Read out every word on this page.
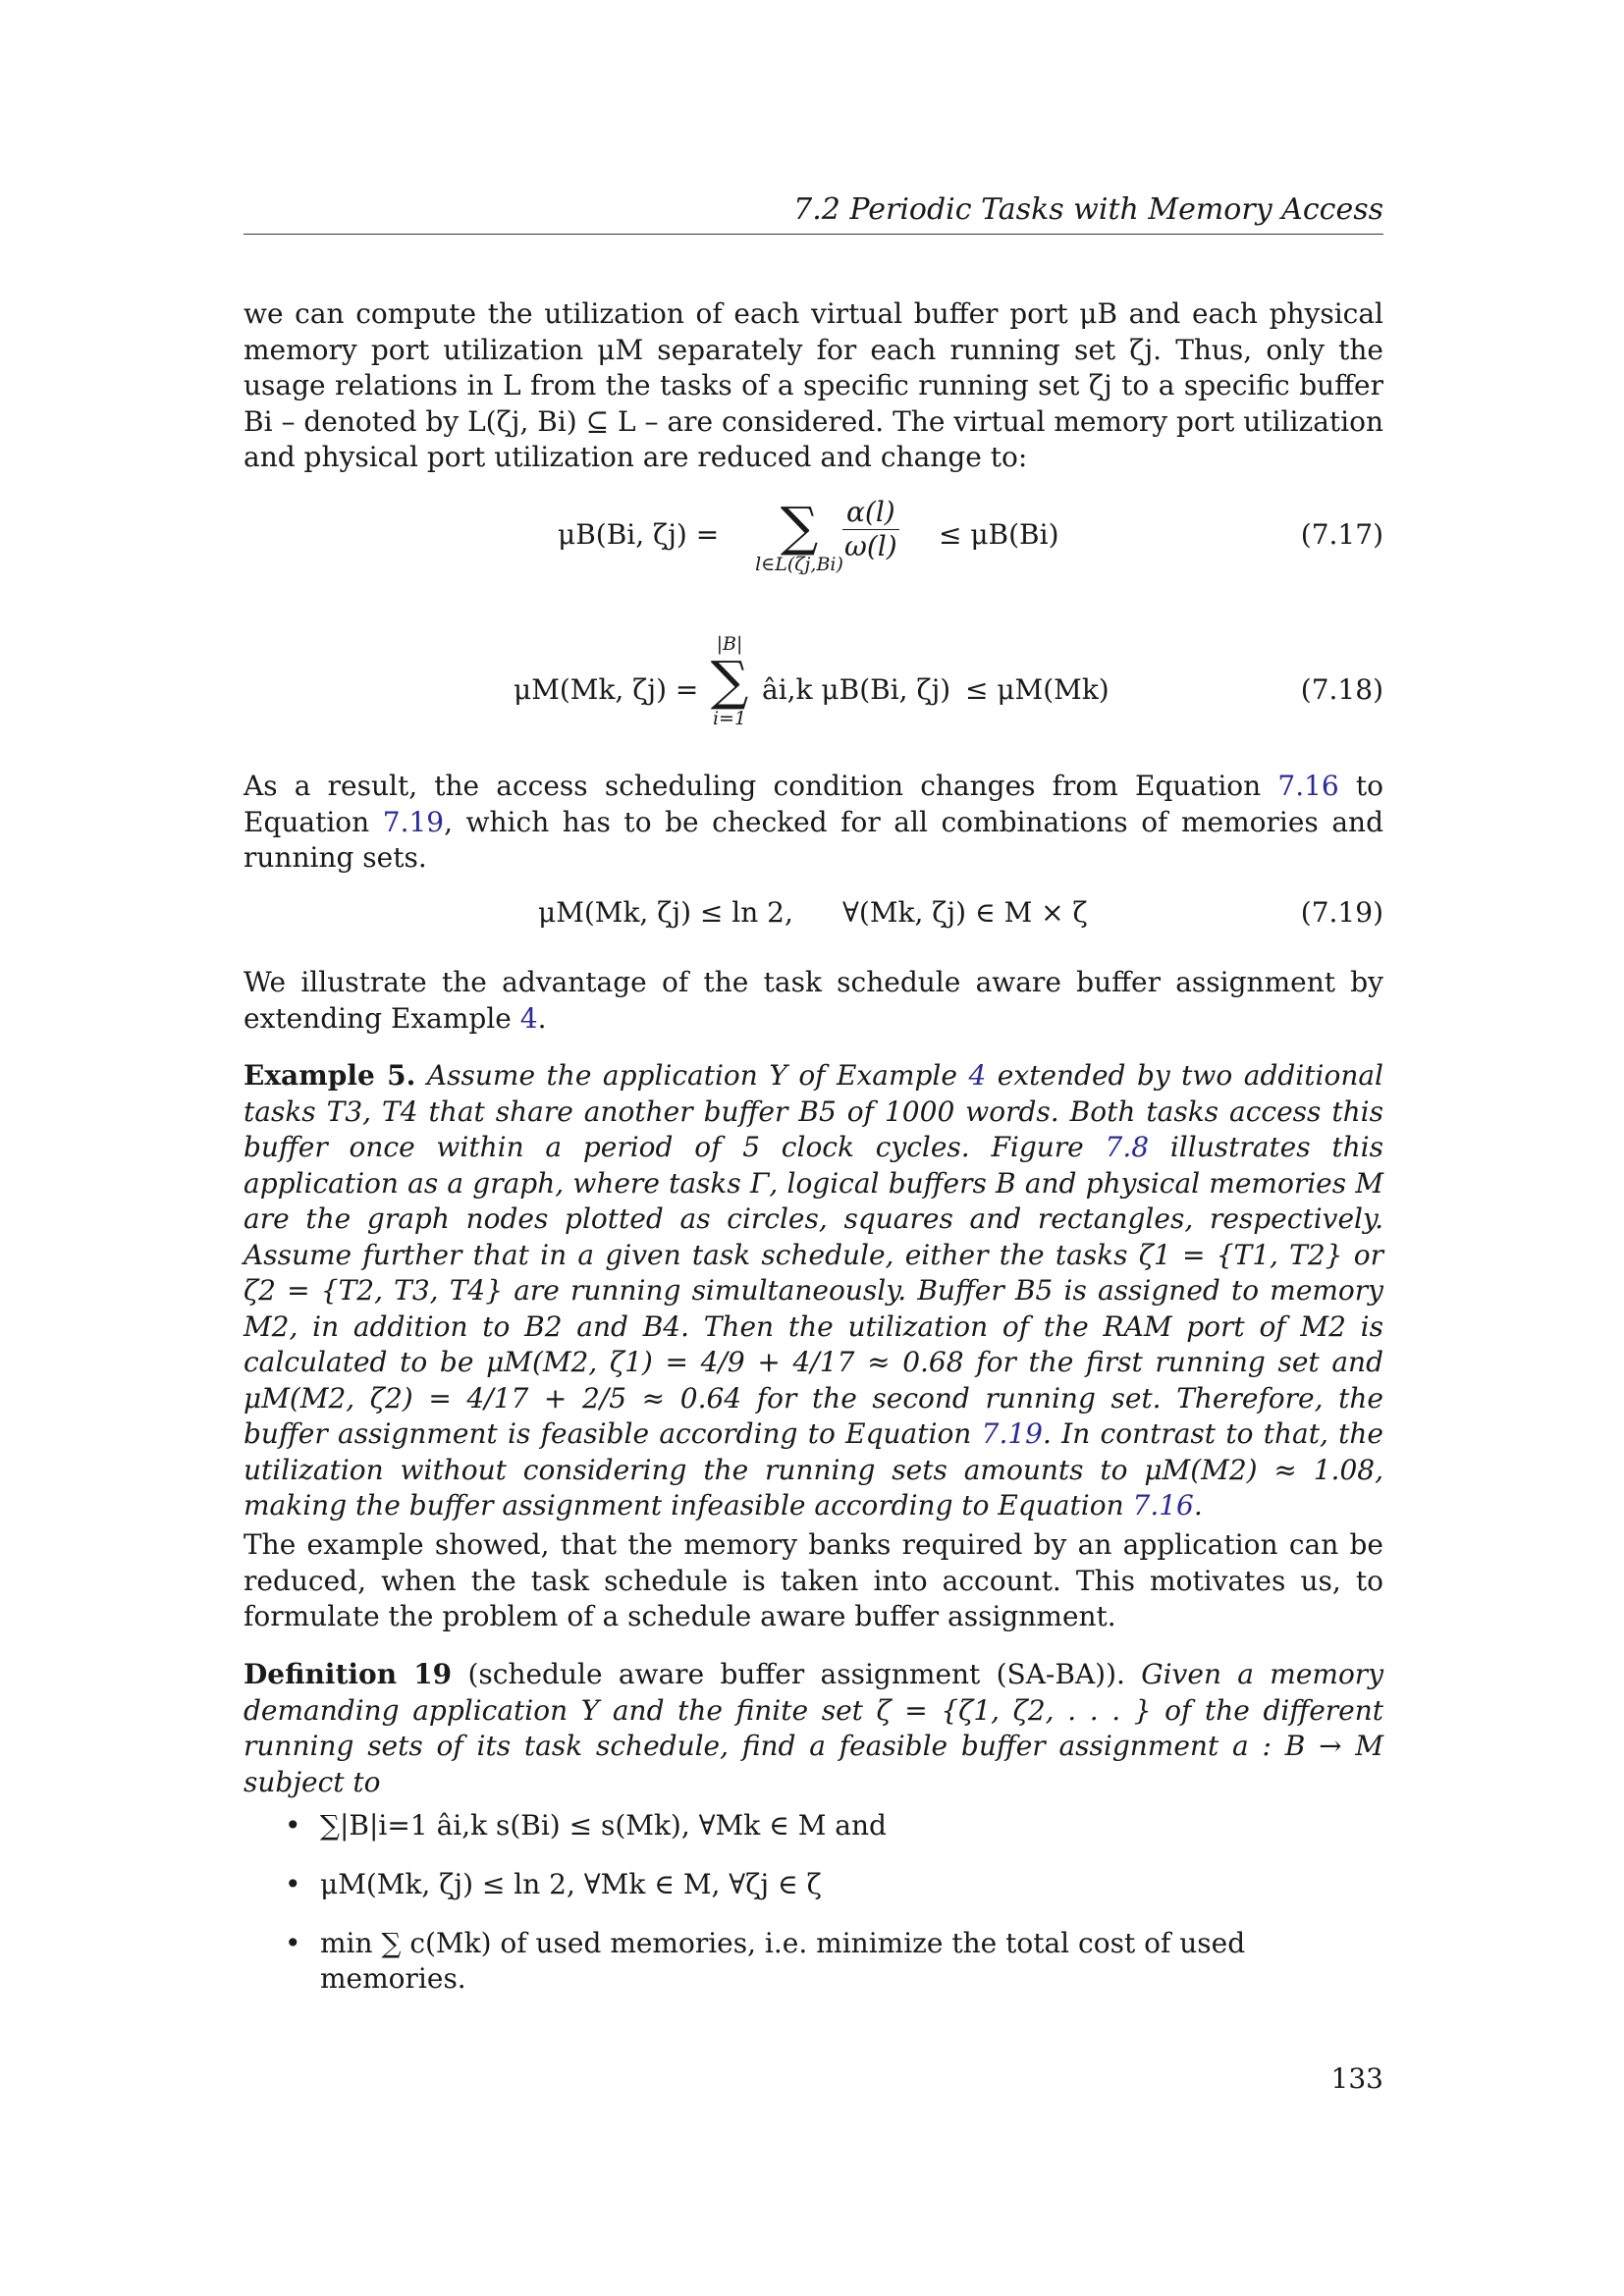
7.2 Periodic Tasks with Memory Access

we can compute the utilization of each virtual buffer port μB and each physical memory port utilization μM separately for each running set ζj. Thus, only the usage relations in L from the tasks of a specific running set ζj to a specific buffer Bi – denoted by L(ζj, Bi) ⊆ L – are considered. The virtual memory port utilization and physical port utilization are reduced and change to:

μB(Bi, ζj) =	∑
l∈L(ζj,Bi)
$\frac{\alpha(l)}{\omega(l)} \le \mu B(Bi)$	(7.17)
μM(Mk, ζj) =
|B|
∑
i=1
âi,k μB(Bi, ζj) ≤ μM(Mk)	(7.18)

As a result, the access scheduling condition changes from Equation 7.16 to Equation 7.19, which has to be checked for all combinations of memories and running sets.

μM(Mk, ζj) ≤ ln 2, ∀(Mk, ζj) ∈ M × ζ	(7.19)

We illustrate the advantage of the task schedule aware buffer assignment by extending Example 4.

Example 5. Assume the application Υ of Example 4 extended by two additional tasks T3, T4 that share another buffer B5 of 1000 words. Both tasks access this buffer once within a period of 5 clock cycles. Figure 7.8 illustrates this application as a graph, where tasks Γ, logical buffers B and physical memories M are the graph nodes plotted as circles, squares and rectangles, respectively. Assume further that in a given task schedule, either the tasks ζ1 = {T1, T2} or ζ2 = {T2, T3, T4} are running simultaneously. Buffer B5 is assigned to memory M2, in addition to B2 and B4. Then the utilization of the RAM port of M2 is calculated to be μM(M2, ζ1) = 4/9 + 4/17 ≈ 0.68 for the first running set and μM(M2, ζ2) = 4/17 + 2/5 ≈ 0.64 for the second running set. Therefore, the buffer assignment is feasible according to Equation 7.19. In contrast to that, the utilization without considering the running sets amounts to μM(M2) ≈ 1.08, making the buffer assignment infeasible according to Equation 7.16.

The example showed, that the memory banks required by an application can be reduced, when the task schedule is taken into account. This motivates us, to formulate the problem of a schedule aware buffer assignment.

Definition 19 (schedule aware buffer assignment (SA-BA)). Given a memory demanding application Υ and the finite set ζ = {ζ1, ζ2, . . . } of the different running sets of its task schedule, find a feasible buffer assignment a : B → M subject to

• ∑|B|i=1 âi,k s(Bi) ≤ s(Mk), ∀Mk ∈ M and
• μM(Mk, ζj) ≤ ln 2, ∀Mk ∈ M, ∀ζj ∈ ζ
• min ∑ c(Mk) of used memories, i.e. minimize the total cost of used memories.
133
